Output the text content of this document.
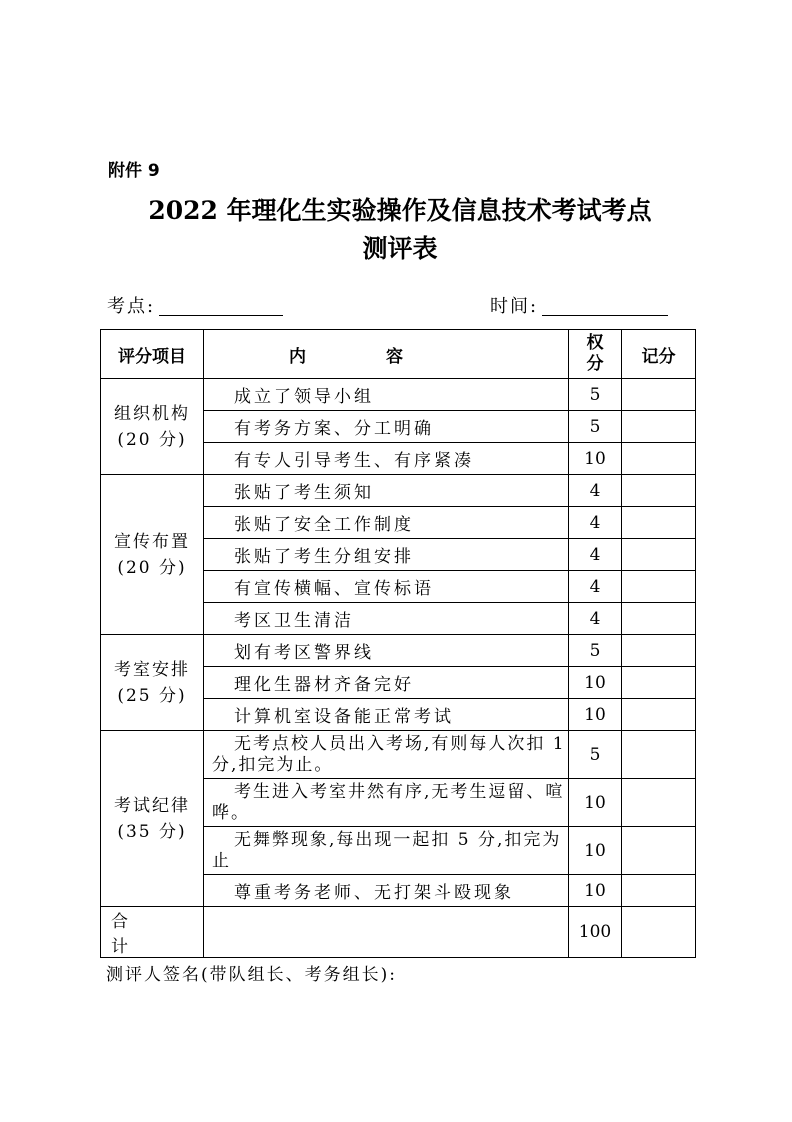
附件 9
2022 年理化生实验操作及信息技术考试考点
测评表
考点:	时间:
评分项目	内容	权分	记分

组织机构
(20 分)	成立了领导小组	5	
	有考务方案、分工明确	5	
	有专人引导考生、有序紧凑	10	

宣传布置
(20 分)	张贴了考生须知	4	
	张贴了安全工作制度	4	
	张贴了考生分组安排	4	
	有宣传横幅、宣传标语	4	
	考区卫生清洁	4	

考室安排
(25 分)	划有考区警界线	5	
	理化生器材齐备完好	10	
	计算机室设备能正常考试	10	

考试纪律
(35 分)	无考点校人员出入考场,有则每人次扣 1 分,扣完为止。	5	
	考生进入考室井然有序,无考生逗留、喧哗。	10	
	无舞弊现象,每出现一起扣 5 分,扣完为止	10	
	尊重考务老师、无打架斗殴现象	10	
合计		100	
测评人签名(带队组长、考务组长):
